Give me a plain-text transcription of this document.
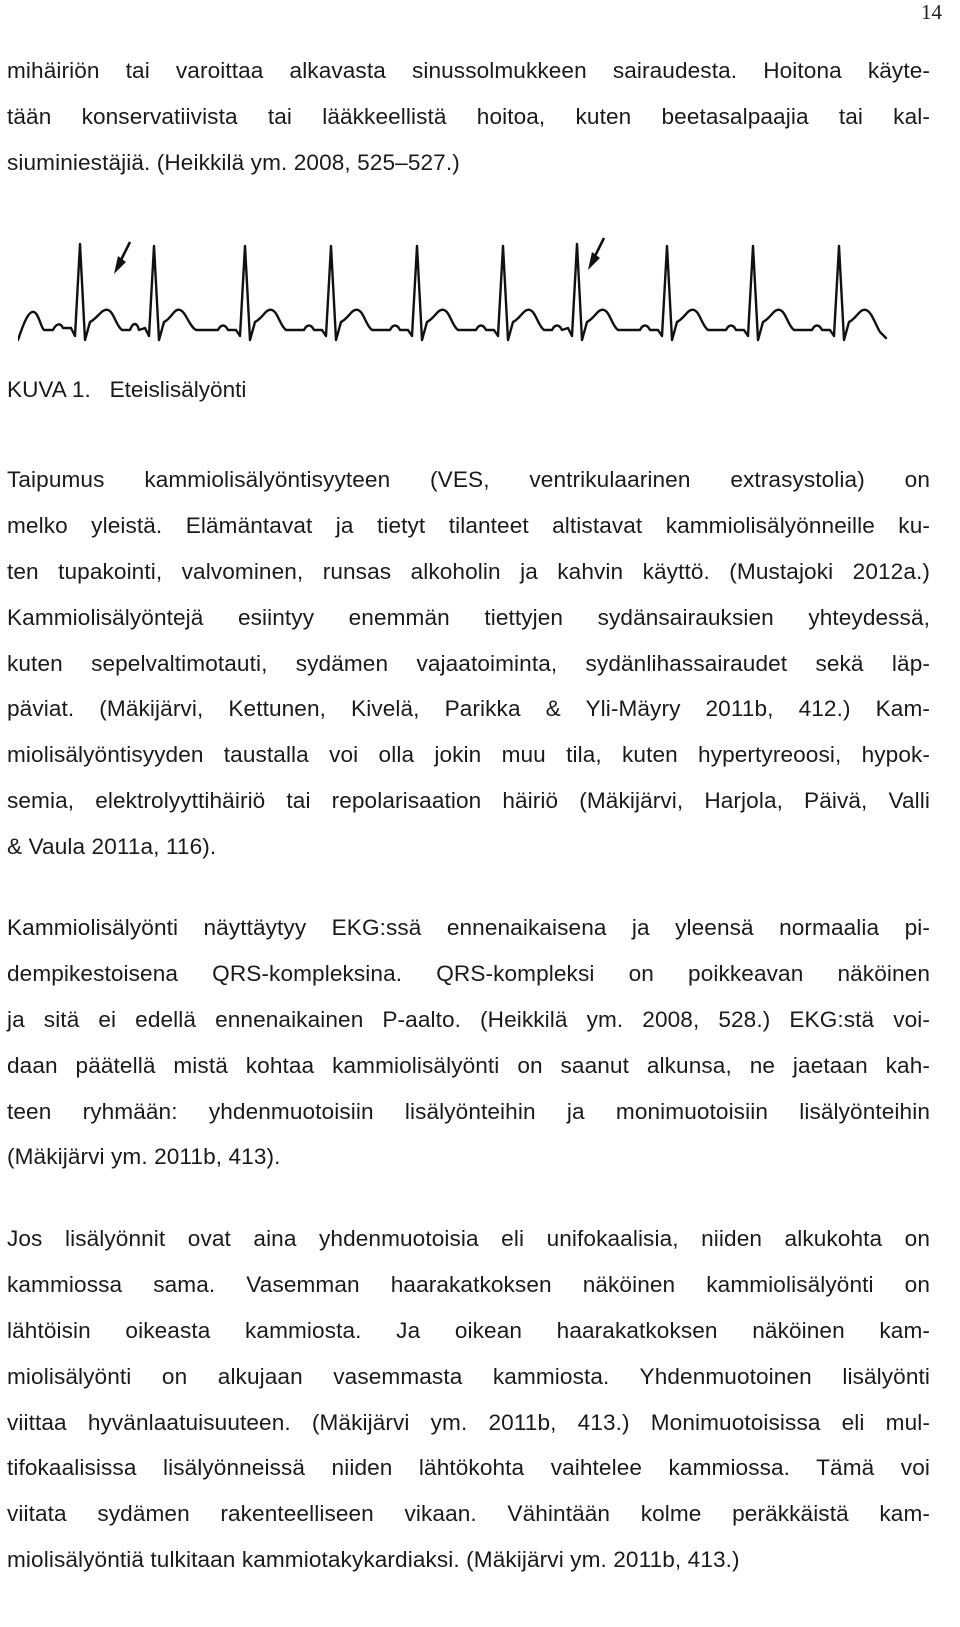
14
mihäiriön tai varoittaa alkavasta sinussolmukkeen sairaudesta. Hoitona käyte-
tään konservatiivista tai lääkkeellistä hoitoa, kuten beetasalpaajia tai kal-
siuminiestäjiä. (Heikkilä ym. 2008, 525–527.)
KUVA 1. Eteislisälyönti
Taipumus kammiolisälyöntisyyteen (VES, ventrikulaarinen extrasystolia) on
melko yleistä. Elämäntavat ja tietyt tilanteet altistavat kammiolisälyönneille ku-
ten tupakointi, valvominen, runsas alkoholin ja kahvin käyttö. (Mustajoki 2012a.)
Kammiolisälyöntejä esiintyy enemmän tiettyjen sydänsairauksien yhteydessä,
kuten sepelvaltimotauti, sydämen vajaatoiminta, sydänlihassairaudet sekä läp-
päviat. (Mäkijärvi, Kettunen, Kivelä, Parikka & Yli-Mäyry 2011b, 412.) Kam-
miolisälyöntisyyden taustalla voi olla jokin muu tila, kuten hypertyreoosi, hypok-
semia, elektrolyyttihäiriö tai repolarisaation häiriö (Mäkijärvi, Harjola, Päivä, Valli
& Vaula 2011a, 116).
Kammiolisälyönti näyttäytyy EKG:ssä ennenaikaisena ja yleensä normaalia pi-
dempikestoisena QRS-kompleksina. QRS-kompleksi on poikkeavan näköinen
ja sitä ei edellä ennenaikainen P-aalto. (Heikkilä ym. 2008, 528.) EKG:stä voi-
daan päätellä mistä kohtaa kammiolisälyönti on saanut alkunsa, ne jaetaan kah-
teen ryhmään: yhdenmuotoisiin lisälyönteihin ja monimuotoisiin lisälyönteihin
(Mäkijärvi ym. 2011b, 413).
Jos lisälyönnit ovat aina yhdenmuotoisia eli unifokaalisia, niiden alkukohta on
kammiossa sama. Vasemman haarakatkoksen näköinen kammiolisälyönti on
lähtöisin oikeasta kammiosta. Ja oikean haarakatkoksen näköinen kam-
miolisälyönti on alkujaan vasemmasta kammiosta. Yhdenmuotoinen lisälyönti
viittaa hyvänlaatuisuuteen. (Mäkijärvi ym. 2011b, 413.) Monimuotoisissa eli mul-
tifokaalisissa lisälyönneissä niiden lähtökohta vaihtelee kammiossa. Tämä voi
viitata sydämen rakenteelliseen vikaan. Vähintään kolme peräkkäistä kam-
miolisälyöntiä tulkitaan kammiotakykardiaksi. (Mäkijärvi ym. 2011b, 413.)
